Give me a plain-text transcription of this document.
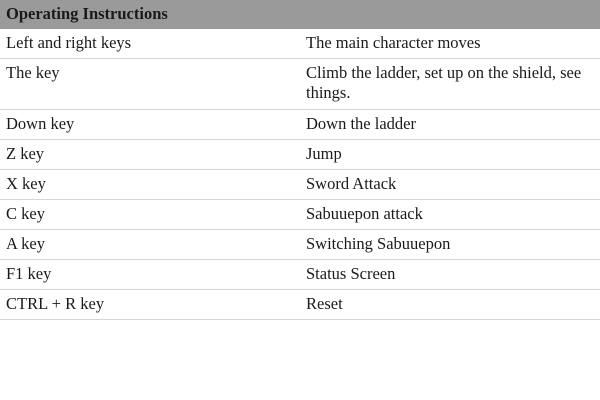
Operating Instructions	
Left and right keys	The main character moves
The key	Climb the ladder, set up on the shield, see things.
Down key	Down the ladder
Z key	Jump
X key	Sword Attack
C key	Sabuuepon attack
A key	Switching Sabuuepon
F1 key	Status Screen
CTRL + R key	Reset
